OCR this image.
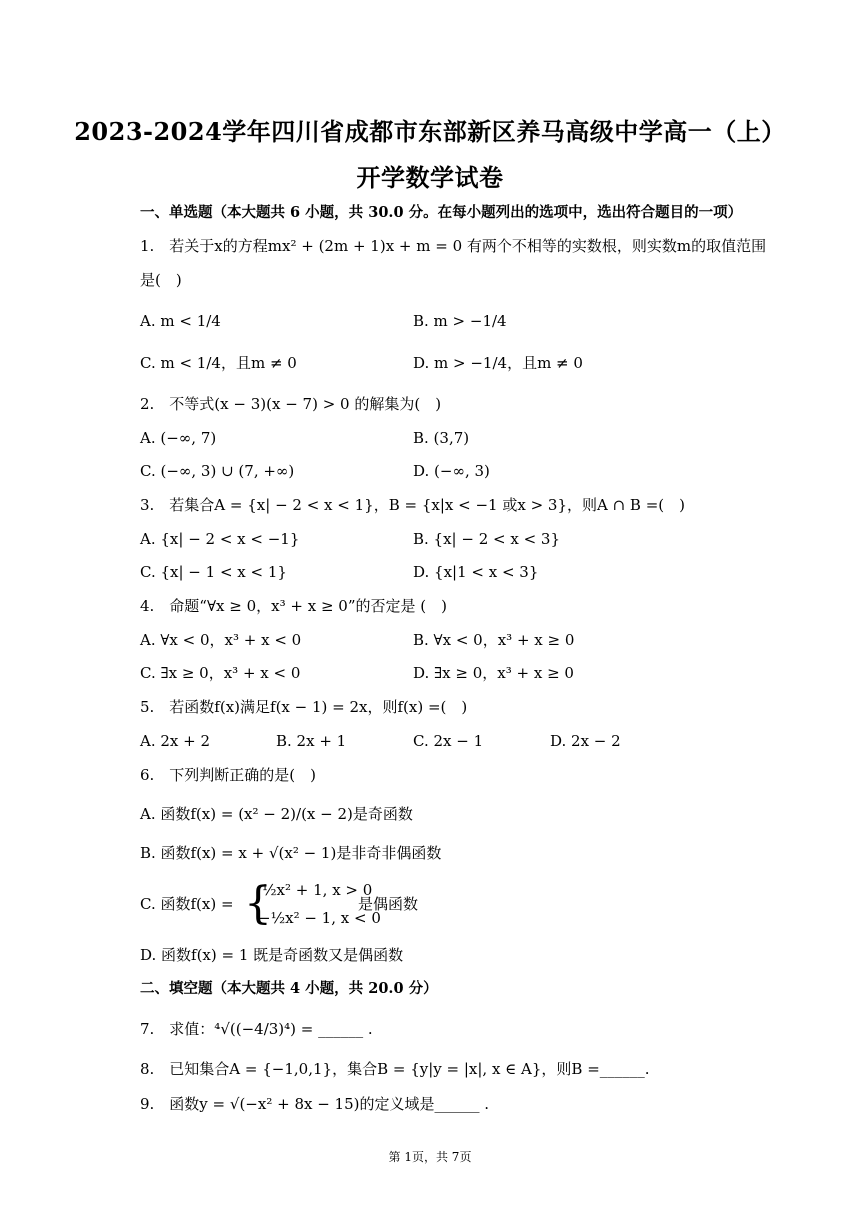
2023-2024学年四川省成都市东部新区养马高级中学高一（上）
开学数学试卷
一、单选题（本大题共 6 小题，共 30.0 分。在每小题列出的选项中，选出符合题目的一项）
1.　若关于x的方程mx² + (2m + 1)x + m = 0 有两个不相等的实数根，则实数m的取值范围
是(　)
A. m < 1/4	B. m > −1/4
C. m < 1/4，且m ≠ 0	D. m > −1/4，且m ≠ 0
2.　不等式(x − 3)(x − 7) > 0 的解集为(　)
A. (−∞, 7)	B. (3,7)
C. (−∞, 3) ∪ (7, +∞)	D. (−∞, 3)
3.　若集合A = {x| − 2 < x < 1}，B = {x|x < −1 或x > 3}，则A ∩ B =(　)
A. {x| − 2 < x < −1}	B. {x| − 2 < x < 3}
C. {x| − 1 < x < 1}	D. {x|1 < x < 3}
4.　命题“∀x ≥ 0，x³ + x ≥ 0”的否定是 (　)
A. ∀x < 0，x³ + x < 0	B. ∀x < 0，x³ + x ≥ 0
C. ∃x ≥ 0，x³ + x < 0	D. ∃x ≥ 0，x³ + x ≥ 0
5.　若函数f(x)满足f(x − 1) = 2x，则f(x) =(　)
A. 2x + 2	B. 2x + 1	C. 2x − 1	D. 2x − 2
6.　下列判断正确的是(　)
A. 函数f(x) = (x² − 2)/(x − 2)是奇函数
B. 函数f(x) = x + √(x² − 1)是非奇非偶函数
C. 函数f(x) = {
½x² + 1, x > 0
−½x² − 1, x < 0
是偶函数
D. 函数f(x) = 1 既是奇函数又是偶函数
二、填空题（本大题共 4 小题，共 20.0 分）
7.　求值：⁴√((−4/3)⁴) = ______ .
8.　已知集合A = {−1,0,1}，集合B = {y|y = |x|, x ∈ A}，则B =______.
9.　函数y = √(−x² + 8x − 15)的定义域是______ .
第 1页，共 7页
